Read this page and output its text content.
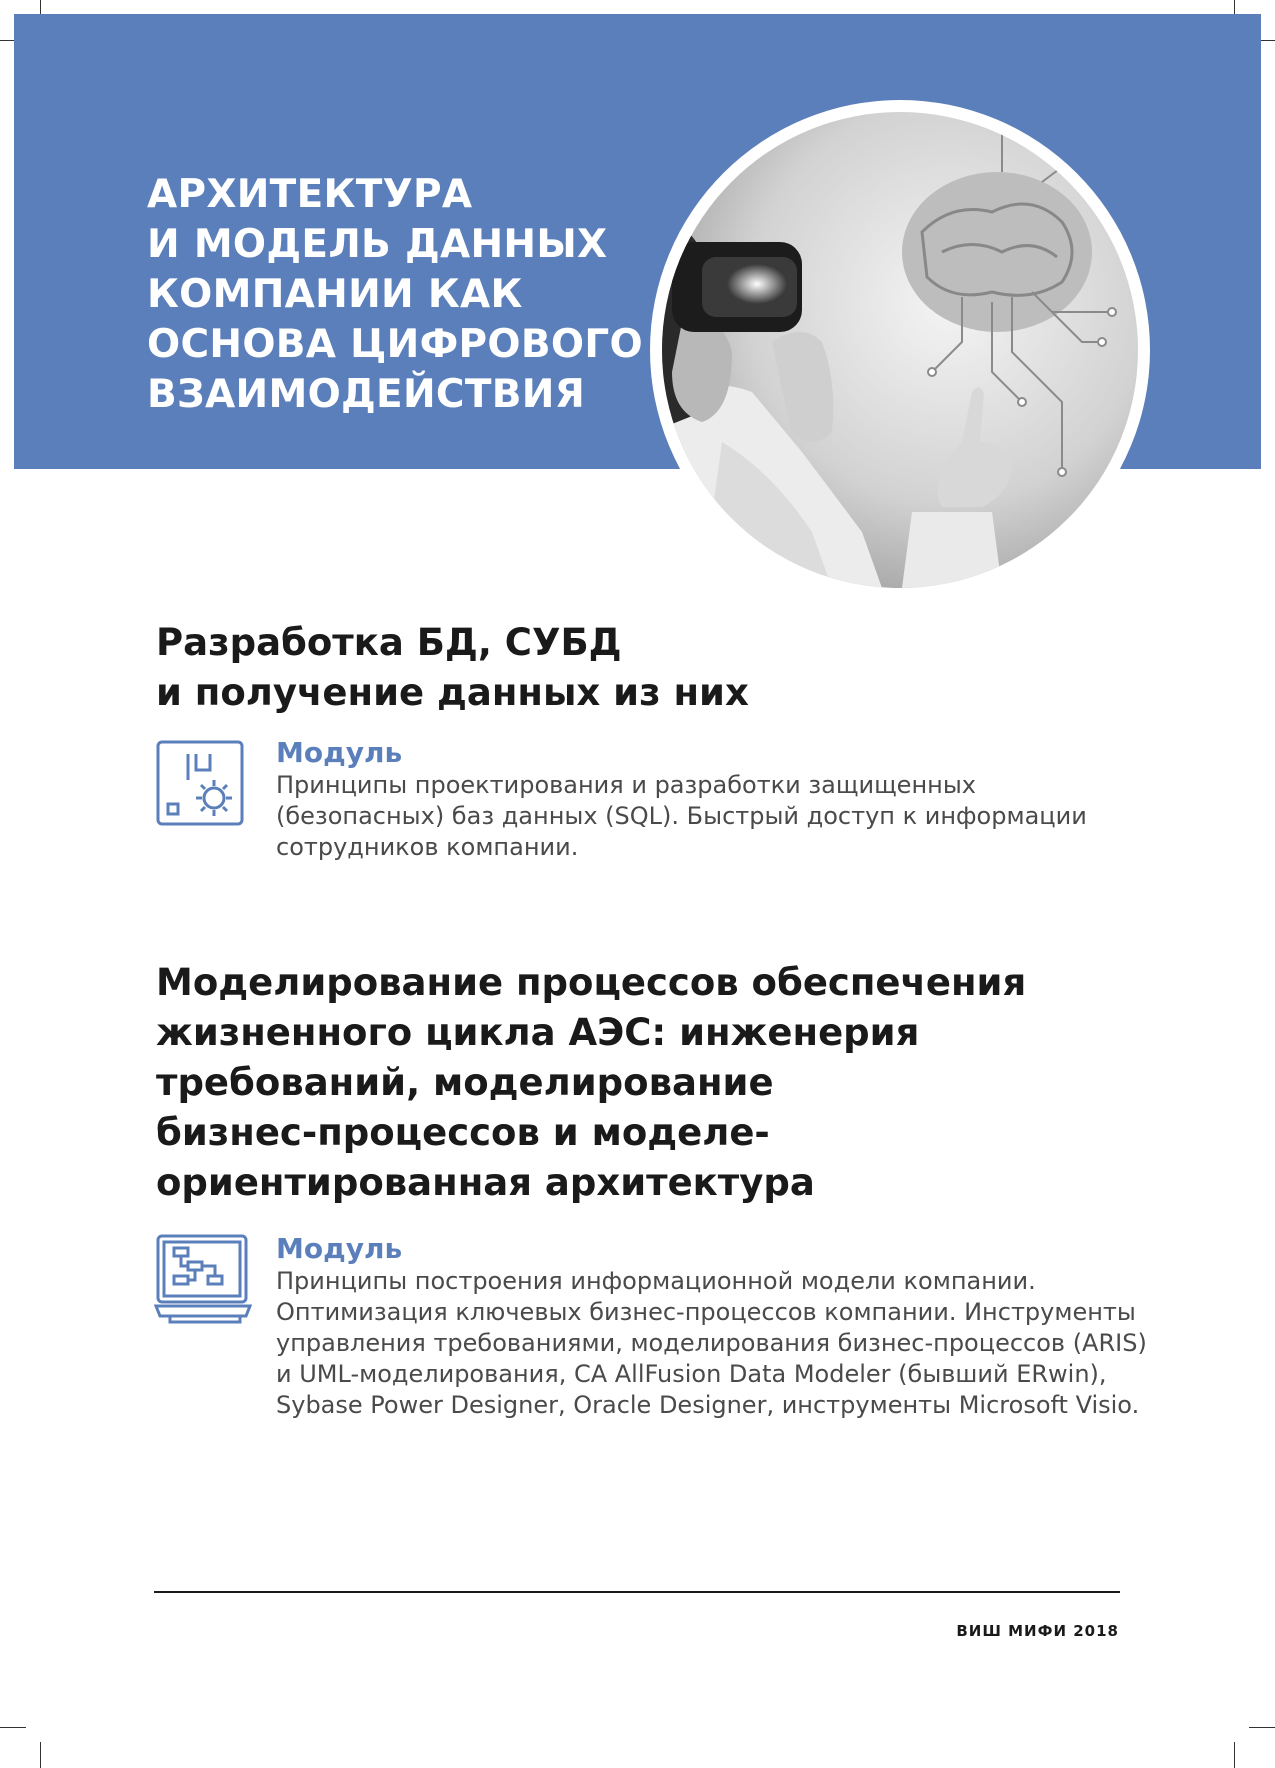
АРХИТЕКТУРА
И МОДЕЛЬ ДАННЫХ
КОМПАНИИ КАК
ОСНОВА ЦИФРОВОГО
ВЗАИМОДЕЙСТВИЯ
Разработка БД, СУБД
и получение данных из них

Модуль

Принципы проектирования и разработки защищенных
(безопасных) баз данных (SQL). Быстрый доступ к информации
сотрудников компании.

Моделирование процессов обеспечения
жизненного цикла АЭС: инженерия
требований, моделирование
бизнес-процессов и моделе-
ориентированная архитектура

Модуль

Принципы построения информационной модели компании.
Оптимизация ключевых бизнес-процессов компании. Инструменты
управления требованиями, моделирования бизнес-процессов (ARIS)
и UML-моделирования, CA AllFusion Data Modeler (бывший ERwin),
Sybase Power Designer, Oracle Designer, инструменты Microsoft Visio.

ВИШ МИФИ 2018
